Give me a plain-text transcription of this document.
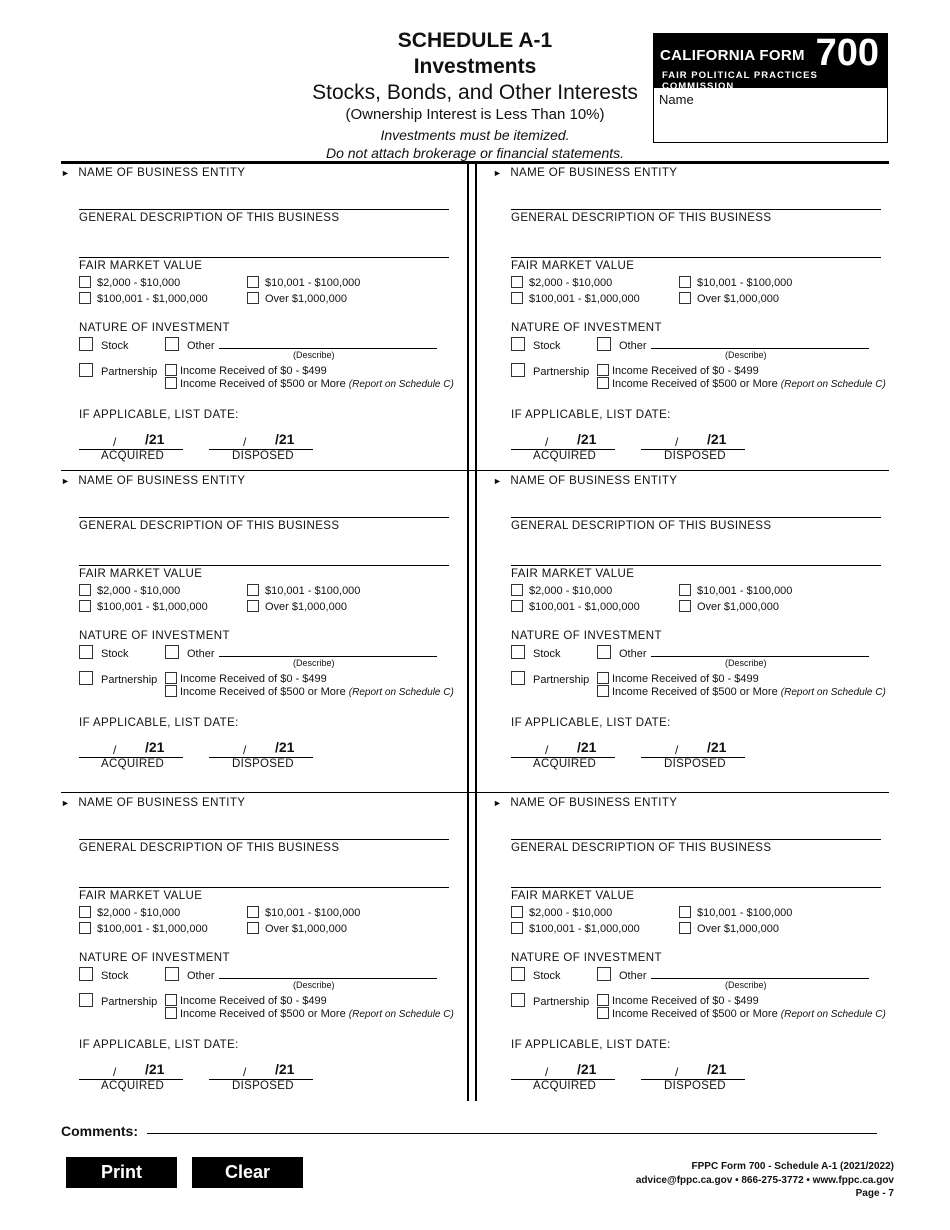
SCHEDULE A-1
Investments
Stocks, Bonds, and Other Interests
(Ownership Interest is Less Than 10%)
Investments must be itemized.
Do not attach brokerage or financial statements.
CALIFORNIA FORM 700
FAIR POLITICAL PRACTICES COMMISSION
Name
► NAME OF BUSINESS ENTITY
GENERAL DESCRIPTION OF THIS BUSINESS
FAIR MARKET VALUE
$2,000 - $10,000	$10,001 - $100,000
$100,001 - $1,000,000	Over $1,000,000
NATURE OF INVESTMENT
Stock	Other
(Describe)
Partnership	Income Received of $0 - $499
Income Received of $500 or More (Report on Schedule C)
IF APPLICABLE, LIST DATE:
/ /21	/ /21
ACQUIRED	DISPOSED
► NAME OF BUSINESS ENTITY
GENERAL DESCRIPTION OF THIS BUSINESS
FAIR MARKET VALUE
$2,000 - $10,000	$10,001 - $100,000
$100,001 - $1,000,000	Over $1,000,000
NATURE OF INVESTMENT
Stock	Other
(Describe)
Partnership	Income Received of $0 - $499
Income Received of $500 or More (Report on Schedule C)
IF APPLICABLE, LIST DATE:
/ /21	/ /21
ACQUIRED	DISPOSED
► NAME OF BUSINESS ENTITY
GENERAL DESCRIPTION OF THIS BUSINESS
FAIR MARKET VALUE
$2,000 - $10,000	$10,001 - $100,000
$100,001 - $1,000,000	Over $1,000,000
NATURE OF INVESTMENT
Stock	Other
(Describe)
Partnership	Income Received of $0 - $499
Income Received of $500 or More (Report on Schedule C)
IF APPLICABLE, LIST DATE:
/ /21	/ /21
ACQUIRED	DISPOSED
► NAME OF BUSINESS ENTITY
GENERAL DESCRIPTION OF THIS BUSINESS
FAIR MARKET VALUE
$2,000 - $10,000	$10,001 - $100,000
$100,001 - $1,000,000	Over $1,000,000
NATURE OF INVESTMENT
Stock	Other
(Describe)
Partnership	Income Received of $0 - $499
Income Received of $500 or More (Report on Schedule C)
IF APPLICABLE, LIST DATE:
/ /21	/ /21
ACQUIRED	DISPOSED
► NAME OF BUSINESS ENTITY
GENERAL DESCRIPTION OF THIS BUSINESS
FAIR MARKET VALUE
$2,000 - $10,000	$10,001 - $100,000
$100,001 - $1,000,000	Over $1,000,000
NATURE OF INVESTMENT
Stock	Other
(Describe)
Partnership	Income Received of $0 - $499
Income Received of $500 or More (Report on Schedule C)
IF APPLICABLE, LIST DATE:
/ /21	/ /21
ACQUIRED	DISPOSED
► NAME OF BUSINESS ENTITY
GENERAL DESCRIPTION OF THIS BUSINESS
FAIR MARKET VALUE
$2,000 - $10,000	$10,001 - $100,000
$100,001 - $1,000,000	Over $1,000,000
NATURE OF INVESTMENT
Stock	Other
(Describe)
Partnership	Income Received of $0 - $499
Income Received of $500 or More (Report on Schedule C)
IF APPLICABLE, LIST DATE:
/ /21	/ /21
ACQUIRED	DISPOSED
Comments:
Print	Clear	FPPC Form 700 - Schedule A-1 (2021/2022)
advice@fppc.ca.gov • 866-275-3772 • www.fppc.ca.gov
Page - 7
